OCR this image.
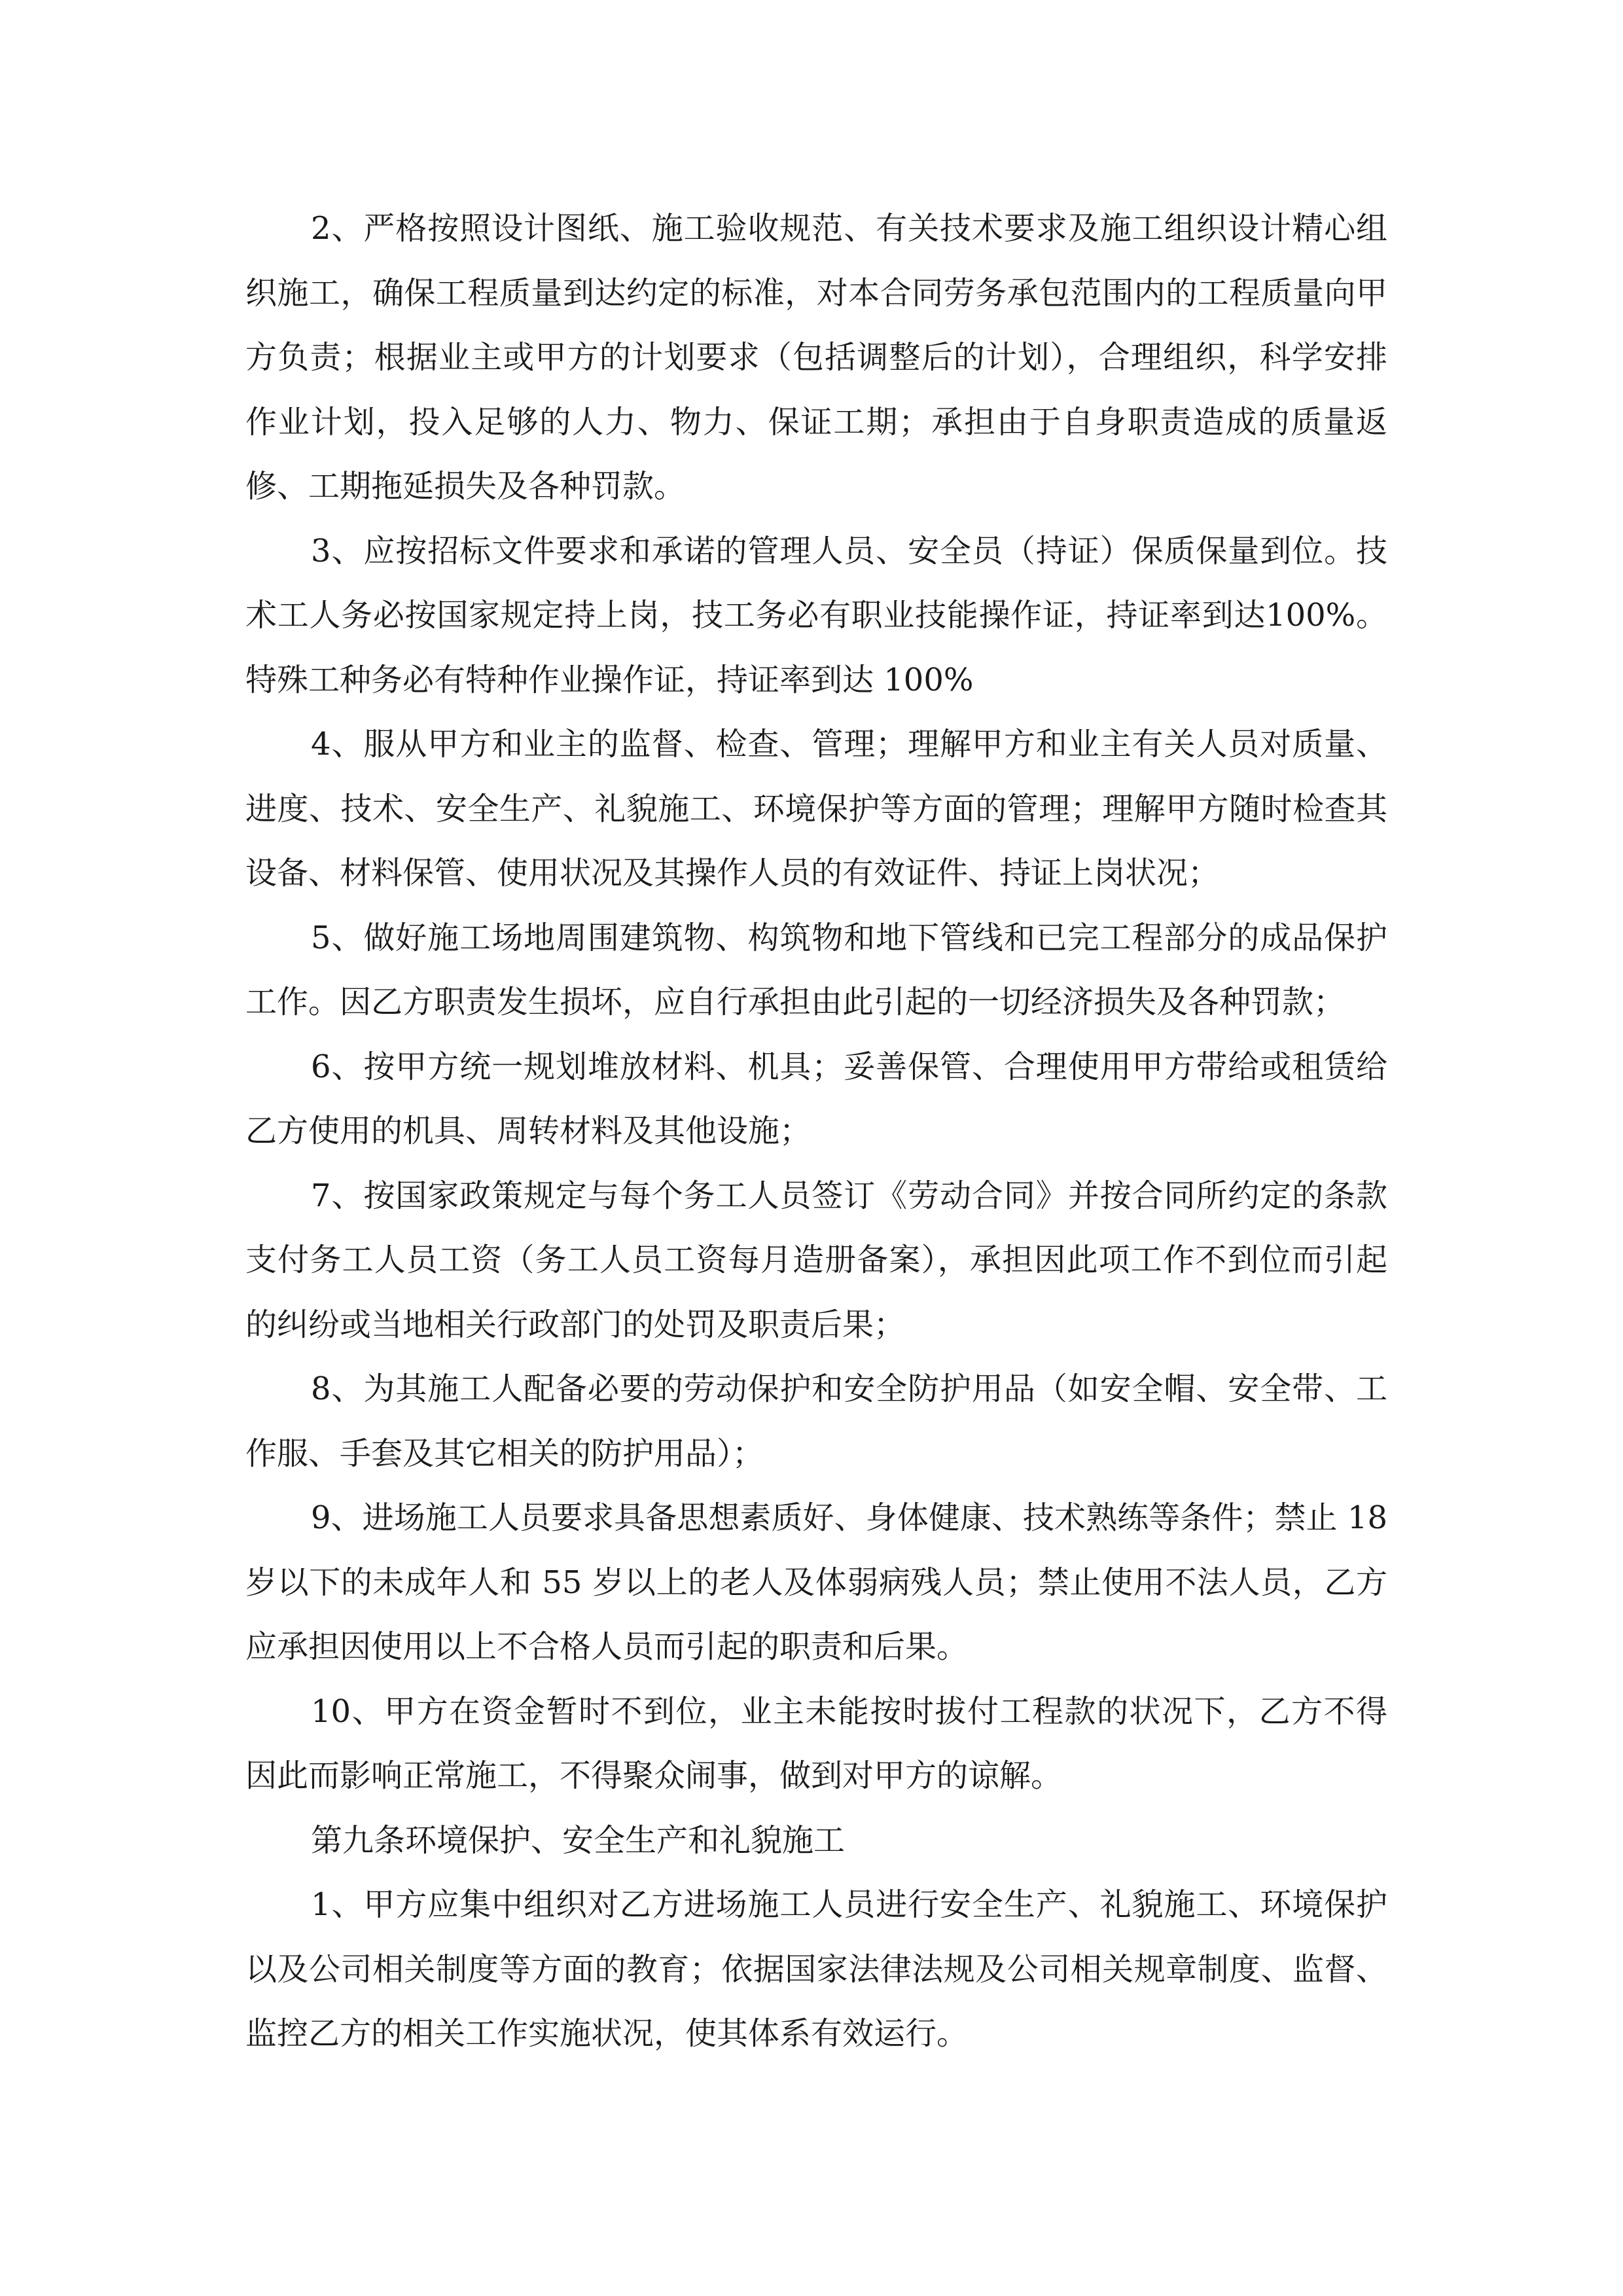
2、严格按照设计图纸、施工验收规范、有关技术要求及施工组织设计精心组织施工，确保工程质量到达约定的标准，对本合同劳务承包范围内的工程质量向甲方负责；根据业主或甲方的计划要求（包括调整后的计划），合理组织，科学安排作业计划，投入足够的人力、物力、保证工期；承担由于自身职责造成的质量返修、工期拖延损失及各种罚款。

3、应按招标文件要求和承诺的管理人员、安全员（持证）保质保量到位。技术工人务必按国家规定持上岗，技工务必有职业技能操作证，持证率到达100%。特殊工种务必有特种作业操作证，持证率到达 100%

4、服从甲方和业主的监督、检查、管理；理解甲方和业主有关人员对质量、进度、技术、安全生产、礼貌施工、环境保护等方面的管理；理解甲方随时检查其设备、材料保管、使用状况及其操作人员的有效证件、持证上岗状况；

5、做好施工场地周围建筑物、构筑物和地下管线和已完工程部分的成品保护工作。因乙方职责发生损坏，应自行承担由此引起的一切经济损失及各种罚款；

6、按甲方统一规划堆放材料、机具；妥善保管、合理使用甲方带给或租赁给乙方使用的机具、周转材料及其他设施；

7、按国家政策规定与每个务工人员签订《劳动合同》并按合同所约定的条款支付务工人员工资（务工人员工资每月造册备案），承担因此项工作不到位而引起的纠纷或当地相关行政部门的处罚及职责后果；

8、为其施工人配备必要的劳动保护和安全防护用品（如安全帽、安全带、工作服、手套及其它相关的防护用品）；

9、进场施工人员要求具备思想素质好、身体健康、技术熟练等条件；禁止 18 岁以下的未成年人和 55 岁以上的老人及体弱病残人员；禁止使用不法人员，乙方应承担因使用以上不合格人员而引起的职责和后果。

10、甲方在资金暂时不到位，业主未能按时拔付工程款的状况下，乙方不得因此而影响正常施工，不得聚众闹事，做到对甲方的谅解。

第九条环境保护、安全生产和礼貌施工

1、甲方应集中组织对乙方进场施工人员进行安全生产、礼貌施工、环境保护以及公司相关制度等方面的教育；依据国家法律法规及公司相关规章制度、监督、监控乙方的相关工作实施状况，使其体系有效运行。
